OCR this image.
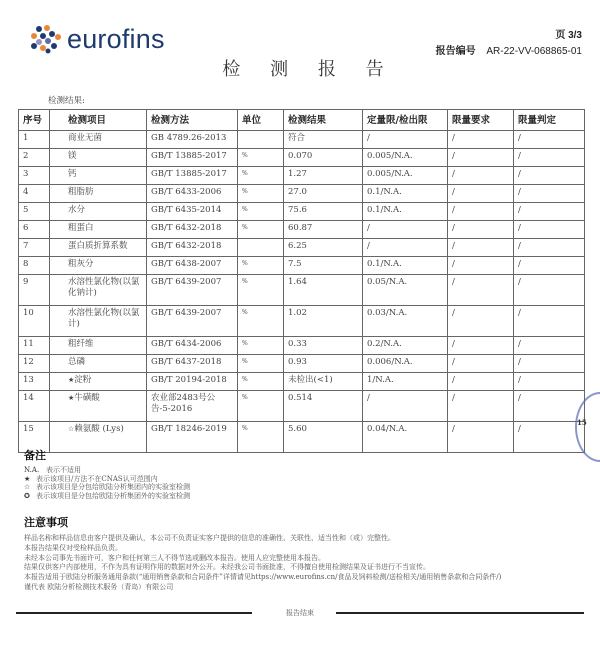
eurofins	页 3/3
报告编号 AR-22-VV-068865-01
检 测 报 告
检测结果:
序号	检测项目	检测方法	单位	检测结果	定量限/检出限	限量要求	限量判定
1	商业无菌	GB 4789.26-2013		符合	/	/	/
2	镁	GB/T 13885-2017	%	0.070	0.005/N.A.	/	/
3	钙	GB/T 13885-2017	%	1.27	0.005/N.A.	/	/
4	粗脂肪	GB/T 6433-2006	%	27.0	0.1/N.A.	/	/
5	水分	GB/T 6435-2014	%	75.6	0.1/N.A.	/	/
6	粗蛋白	GB/T 6432-2018	%	60.87	/	/	/
7	蛋白质折算系数	GB/T 6432-2018		6.25	/	/	/
8	粗灰分	GB/T 6438-2007	%	7.5	0.1/N.A.	/	/
9	水溶性氯化物(以氯化钠计)	GB/T 6439-2007	%	1.64	0.05/N.A.	/	/
10	水溶性氯化物(以氯计)	GB/T 6439-2007	%	1.02	0.03/N.A.	/	/
11	粗纤维	GB/T 6434-2006	%	0.33	0.2/N.A.	/	/
12	总磷	GB/T 6437-2018	%	0.93	0.006/N.A.	/	/
13	★淀粉	GB/T 20194-2018	%	未检出(<1)	1/N.A.	/	/
14	★牛磺酸	农业部2483号公告-5-2016	%	0.514	/	/	/
15	☆赖氨酸 (Lys)	GB/T 18246-2019	%	5.60	0.04/N.A.	/	/
备注
N.A. 表示不适用
★ 表示该项目/方法不在CNAS认可范围内
☆ 表示该项目是分包给欧陆分析集团内的实验室检测
✪ 表示该项目是分包给欧陆分析集团外的实验室检测
注意事项
样品名称和样品信息由客户提供及确认，本公司不负责证实客户提供的信息的准确性、关联性、适当性和（或）完整性。
本报告结果仅对受检样品负责。
未经本公司事先书面许可，客户和任何第三人不得节选或删改本报告。使用人应完整使用本报告。
结果仅供客户内部使用，不作为具有证明作用的数据对外公开。未经我公司书面批准，不得擅自使用检测结果及证书进行不当宣传。
本报告适用于欧陆分析服务通用条款(“通用销售条款和合同条件”详情请见https://www.eurofins.cn/食品及饲料检测/送检相关/通用销售条款和合同条件/)
谨代表 欧陆分析检测技术服务（青岛）有限公司
报告结束
15
